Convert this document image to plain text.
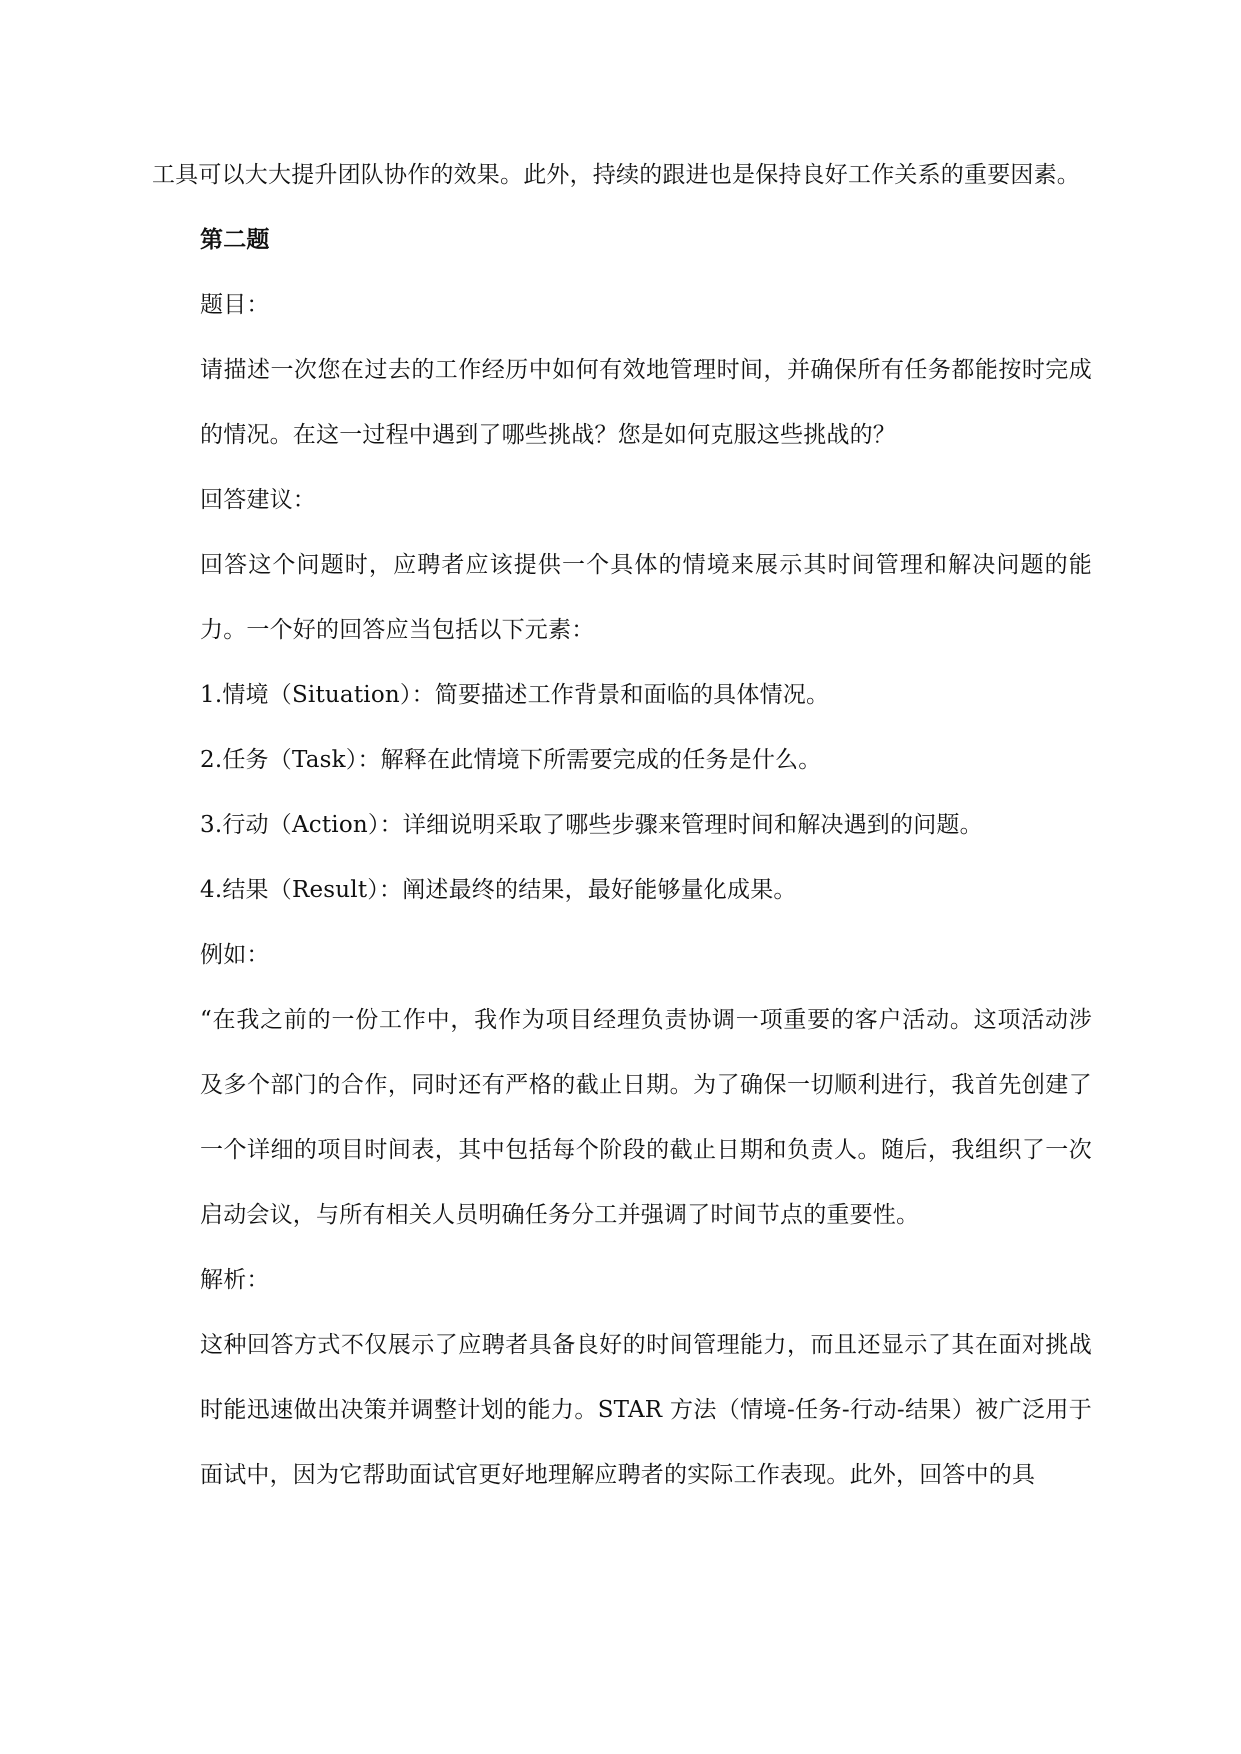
工具可以大大提升团队协作的效果。此外，持续的跟进也是保持良好工作关系的重要因素。

第二题

题目：

请描述一次您在过去的工作经历中如何有效地管理时间，并确保所有任务都能按时完成的情况。在这一过程中遇到了哪些挑战？您是如何克服这些挑战的？

回答建议：

回答这个问题时，应聘者应该提供一个具体的情境来展示其时间管理和解决问题的能力。一个好的回答应当包括以下元素：

1.情境（Situation）：简要描述工作背景和面临的具体情况。

2.任务（Task）：解释在此情境下所需要完成的任务是什么。

3.行动（Action）：详细说明采取了哪些步骤来管理时间和解决遇到的问题。

4.结果（Result）：阐述最终的结果，最好能够量化成果。

例如：

“在我之前的一份工作中，我作为项目经理负责协调一项重要的客户活动。这项活动涉及多个部门的合作，同时还有严格的截止日期。为了确保一切顺利进行，我首先创建了一个详细的项目时间表，其中包括每个阶段的截止日期和负责人。随后，我组织了一次启动会议，与所有相关人员明确任务分工并强调了时间节点的重要性。

解析：

这种回答方式不仅展示了应聘者具备良好的时间管理能力，而且还显示了其在面对挑战时能迅速做出决策并调整计划的能力。STAR 方法（情境-任务-行动-结果）被广泛用于面试中，因为它帮助面试官更好地理解应聘者的实际工作表现。此外，回答中的具
